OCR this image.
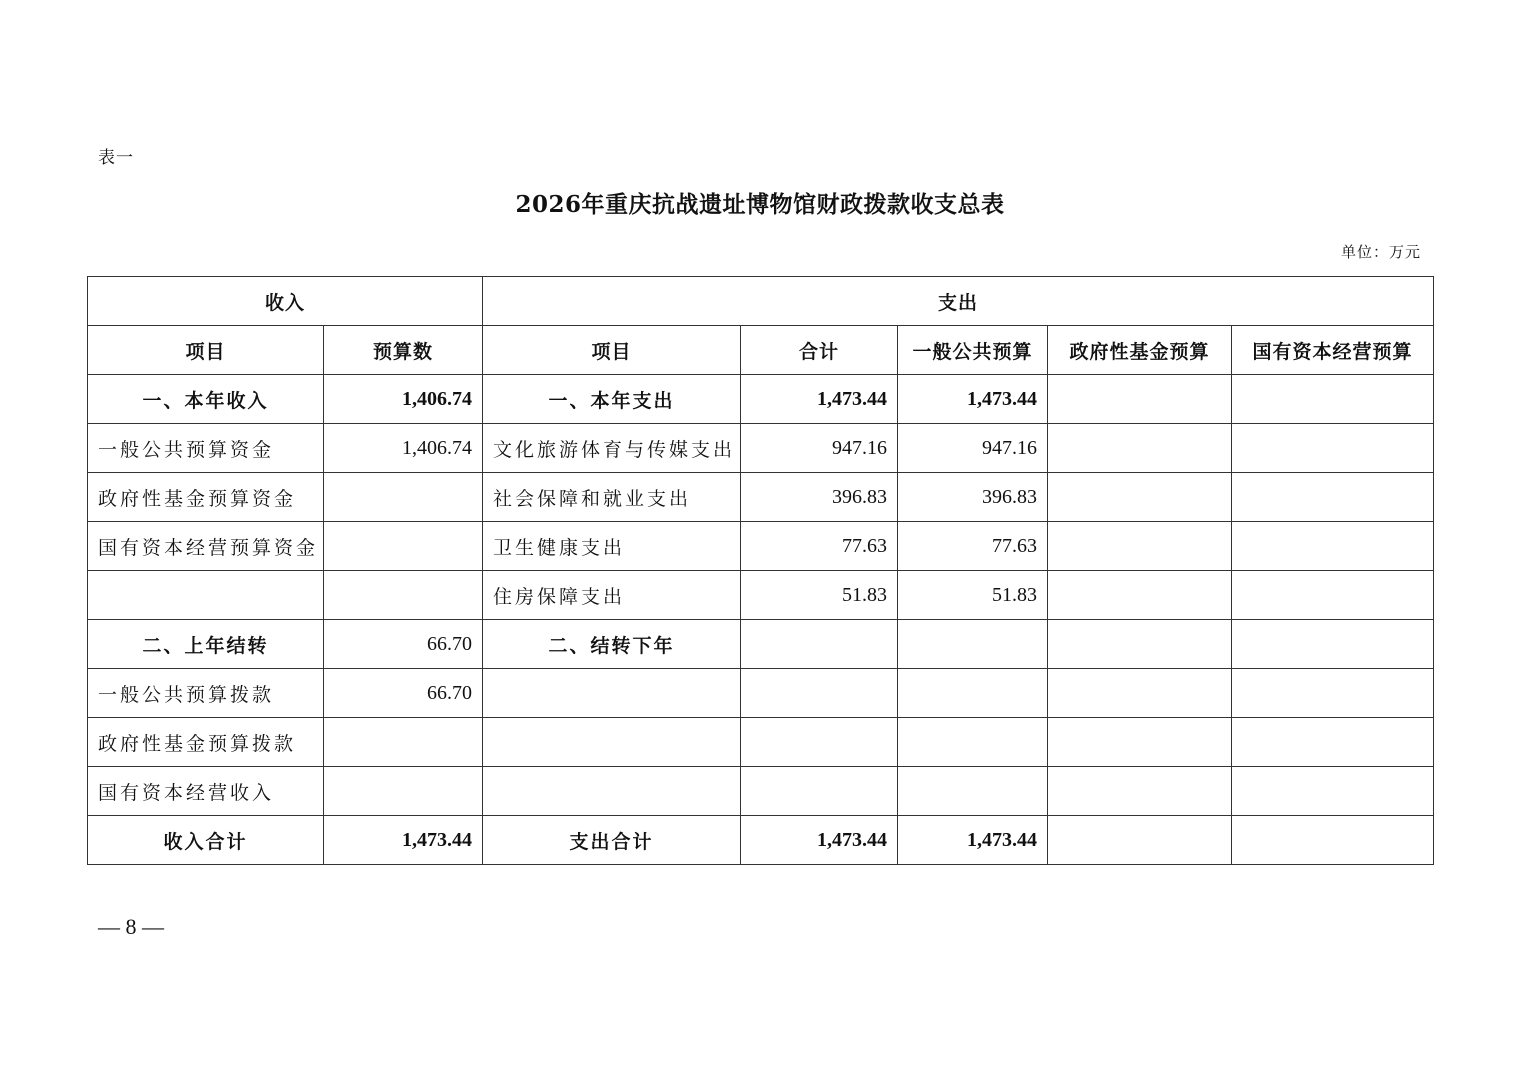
表一
2026年重庆抗战遗址博物馆财政拨款收支总表
单位：万元
收入		支出				
项目	预算数	项目	合计	一般公共预算	政府性基金预算	国有资本经营预算
一、本年收入	1,406.74	一、本年支出	1,473.44	1,473.44		
一般公共预算资金	1,406.74	文化旅游体育与传媒支出	947.16	947.16		
政府性基金预算资金		社会保障和就业支出	396.83	396.83		
国有资本经营预算资金		卫生健康支出	77.63	77.63		
		住房保障支出	51.83	51.83		
二、上年结转	66.70	二、结转下年				
一般公共预算拨款	66.70					
政府性基金预算拨款						
国有资本经营收入						
收入合计	1,473.44	支出合计	1,473.44	1,473.44		
— 8 —
